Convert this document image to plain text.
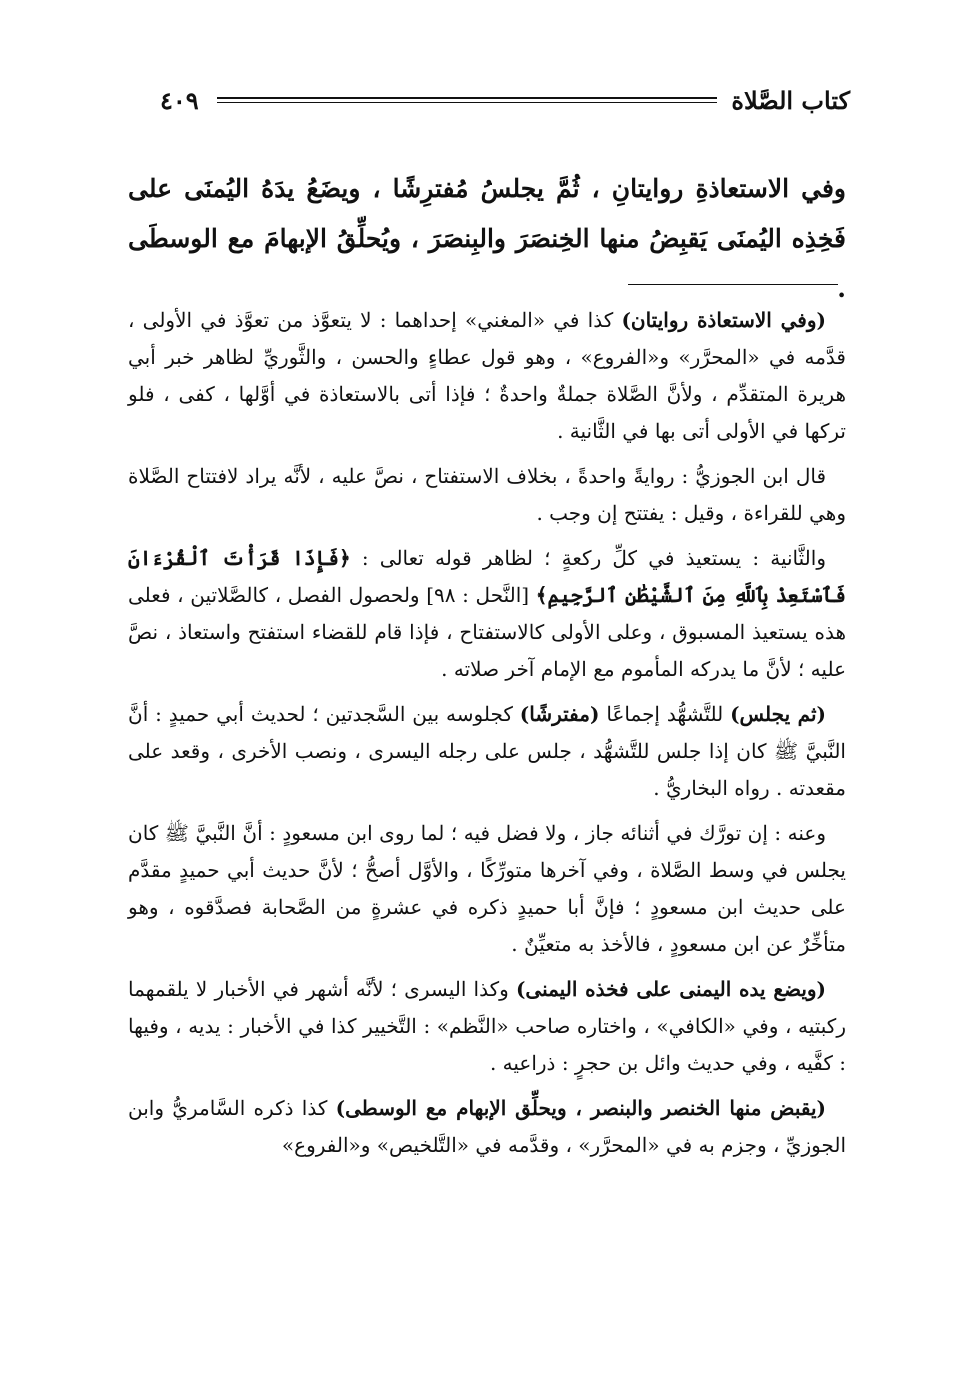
كتاب الصَّلاة
٤٠٩

وفي الاستعاذةِ روايتانِ ، ثُمَّ يجلسُ مُفترِشًا ، ويضَعُ يدَهُ اليُمنَى على فَخِذِه اليُمنَى يَقبِضُ منها الخِنصَرَ والبِنصَرَ ، ويُحلِّقُ الإبهامَ مع الوسطَى .

(وفي الاستعاذة روايتان) كذا في «المغني» إحداهما : لا يتعوَّذ من تعوَّذ في الأولى ، قدَّمه في «المحرَّر» و«الفروع» ، وهو قول عطاءٍ والحسن ، والثَّوريِّ لظاهر خبر أبي هريرة المتقدِّم ، ولأنَّ الصَّلاة جملةٌ واحدةٌ ؛ فإذا أتى بالاستعاذة في أوَّلها ، كفى ، فلو تركها في الأولى أتى بها في الثَّانية .

قال ابن الجوزيُّ : روايةً واحدةً ، بخلاف الاستفتاح ، نصَّ عليه ، لأنَّه يراد لافتتاح الصَّلاة وهي للقراءة ، وقيل : يفتتح إن وجب .

والثَّانية : يستعيذ في كلِّ ركعةٍ ؛ لظاهر قوله تعالى : ﴿فَإِذَا قَرَأْتَ ٱلْقُرْءَانَ فَٱسْتَعِذْ بِٱللَّهِ مِنَ ٱلشَّيْطَٰنِ ٱلرَّجِيمِ﴾ [النَّحل : ٩٨] ولحصول الفصل ، كالصَّلاتين ، فعلى هذه يستعيذ المسبوق ، وعلى الأولى كالاستفتاح ، فإذا قام للقضاء استفتح واستعاذ ، نصَّ عليه ؛ لأنَّ ما يدركه المأموم مع الإمام آخر صلاته .

(ثم يجلس) للتَّشهُّد إجماعًا (مفترشًا) كجلوسه بين السَّجدتين ؛ لحديث أبي حميدٍ : أنَّ النَّبيَّ ﷺ كان إذا جلس للتَّشهُّد ، جلس على رجله اليسرى ، ونصب الأخرى ، وقعد على مقعدته . رواه البخاريُّ .

وعنه : إن تورَّك في أثنائه جاز ، ولا فضل فيه ؛ لما روى ابن مسعودٍ : أنَّ النَّبيَّ ﷺ كان يجلس في وسط الصَّلاة ، وفي آخرها متورِّكًا ، والأوَّل أصحُّ ؛ لأنَّ حديث أبي حميدٍ مقدَّم على حديث ابن مسعودٍ ؛ فإنَّ أبا حميدٍ ذكره في عشرةٍ من الصَّحابة فصدَّقوه ، وهو متأخِّرٌ عن ابن مسعودٍ ، فالأخذ به متعيِّنٌ .

(ويضع يده اليمنى على فخذه اليمنى) وكذا اليسرى ؛ لأنَّه أشهر في الأخبار لا يلقمهما ركبتيه ، وفي «الكافي» ، واختاره صاحب «النَّظم» : التَّخيير كذا في الأخبار : يديه ، وفيها : كفَّيه ، وفي حديث وائل بن حجرٍ : ذراعيه .

(يقبض منها الخنصر والبنصر ، ويحلِّق الإبهام مع الوسطى) كذا ذكره السَّامريُّ وابن الجوزيِّ ، وجزم به في «المحرَّر» ، وقدَّمه في «التَّلخيص» و«الفروع»
